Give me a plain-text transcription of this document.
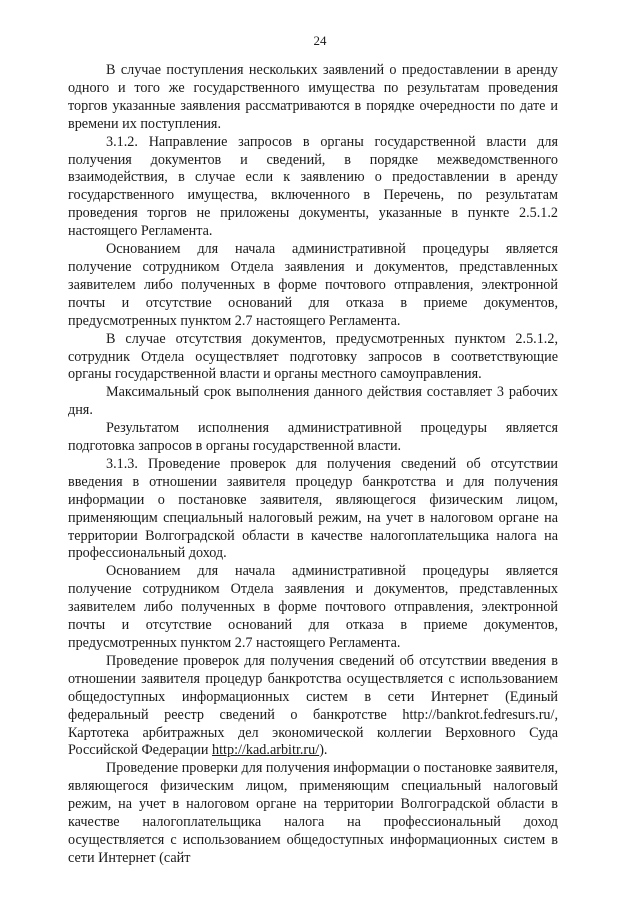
24

В случае поступления нескольких заявлений о предоставлении в аренду одного и того же государственного имущества по результатам проведения торгов указанные заявления рассматриваются в порядке очередности по дате и времени их поступления.

3.1.2. Направление запросов в органы государственной власти для получения документов и сведений, в порядке межведомственного взаимодействия, в случае если к заявлению о предоставлении в аренду государственного имущества, включенного в Перечень, по результатам проведения торгов не приложены документы, указанные в пункте 2.5.1.2 настоящего Регламента.

Основанием для начала административной процедуры является получение сотрудником Отдела заявления и документов, представленных заявителем либо полученных в форме почтового отправления, электронной почты и отсутствие оснований для отказа в приеме документов, предусмотренных пунктом 2.7 настоящего Регламента.

В случае отсутствия документов, предусмотренных пунктом 2.5.1.2, сотрудник Отдела осуществляет подготовку запросов в соответствующие органы государственной власти и органы местного самоуправления.

Максимальный срок выполнения данного действия составляет 3 рабочих дня.

Результатом исполнения административной процедуры является подготовка запросов в органы государственной власти.

3.1.3. Проведение проверок для получения сведений об отсутствии введения в отношении заявителя процедур банкротства и для получения информации о постановке заявителя, являющегося физическим лицом, применяющим специальный налоговый режим, на учет в налоговом органе на территории Волгоградской области в качестве налогоплательщика налога на профессиональный доход.

Основанием для начала административной процедуры является получение сотрудником Отдела заявления и документов, представленных заявителем либо полученных в форме почтового отправления, электронной почты и отсутствие оснований для отказа в приеме документов, предусмотренных пунктом 2.7 настоящего Регламента.

Проведение проверок для получения сведений об отсутствии введения в отношении заявителя процедур банкротства осуществляется с использованием общедоступных информационных систем в сети Интернет (Единый федеральный реестр сведений о банкротстве http://bankrot.fedresurs.ru/, Картотека арбитражных дел экономической коллегии Верховного Суда Российской Федерации http://kad.arbitr.ru/).

Проведение проверки для получения информации о постановке заявителя, являющегося физическим лицом, применяющим специальный налоговый режим, на учет в налоговом органе на территории Волгоградской области в качестве налогоплательщика налога на профессиональный доход осуществляется с использованием общедоступных информационных систем в сети Интернет (сайт
